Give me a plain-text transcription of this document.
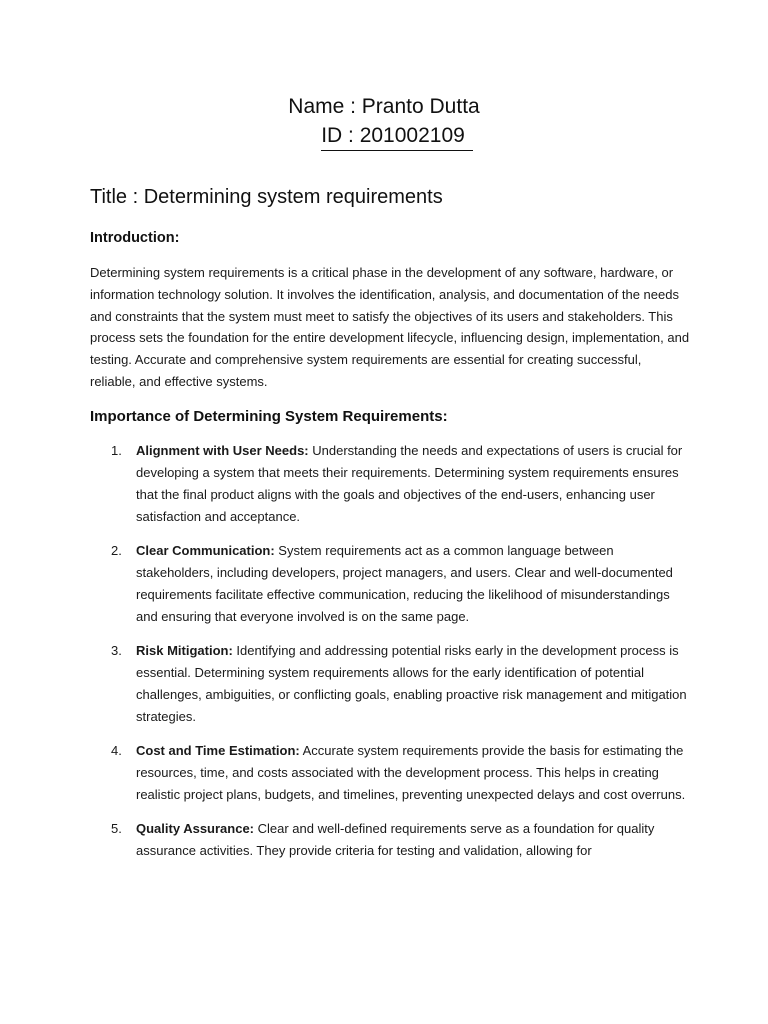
Name : Pranto Dutta
ID : 201002109
Title : Determining system requirements
Introduction:

Determining system requirements is a critical phase in the development of any software, hardware, or information technology solution. It involves the identification, analysis, and documentation of the needs and constraints that the system must meet to satisfy the objectives of its users and stakeholders. This process sets the foundation for the entire development lifecycle, influencing design, implementation, and testing. Accurate and comprehensive system requirements are essential for creating successful, reliable, and effective systems.

Importance of Determining System Requirements:
1. Alignment with User Needs: Understanding the needs and expectations of users is crucial for developing a system that meets their requirements. Determining system requirements ensures that the final product aligns with the goals and objectives of the end-users, enhancing user satisfaction and acceptance.
2. Clear Communication: System requirements act as a common language between stakeholders, including developers, project managers, and users. Clear and well-documented requirements facilitate effective communication, reducing the likelihood of misunderstandings and ensuring that everyone involved is on the same page.
3. Risk Mitigation: Identifying and addressing potential risks early in the development process is essential. Determining system requirements allows for the early identification of potential challenges, ambiguities, or conflicting goals, enabling proactive risk management and mitigation strategies.
4. Cost and Time Estimation: Accurate system requirements provide the basis for estimating the resources, time, and costs associated with the development process. This helps in creating realistic project plans, budgets, and timelines, preventing unexpected delays and cost overruns.
5. Quality Assurance: Clear and well-defined requirements serve as a foundation for quality assurance activities. They provide criteria for testing and validation, allowing for
